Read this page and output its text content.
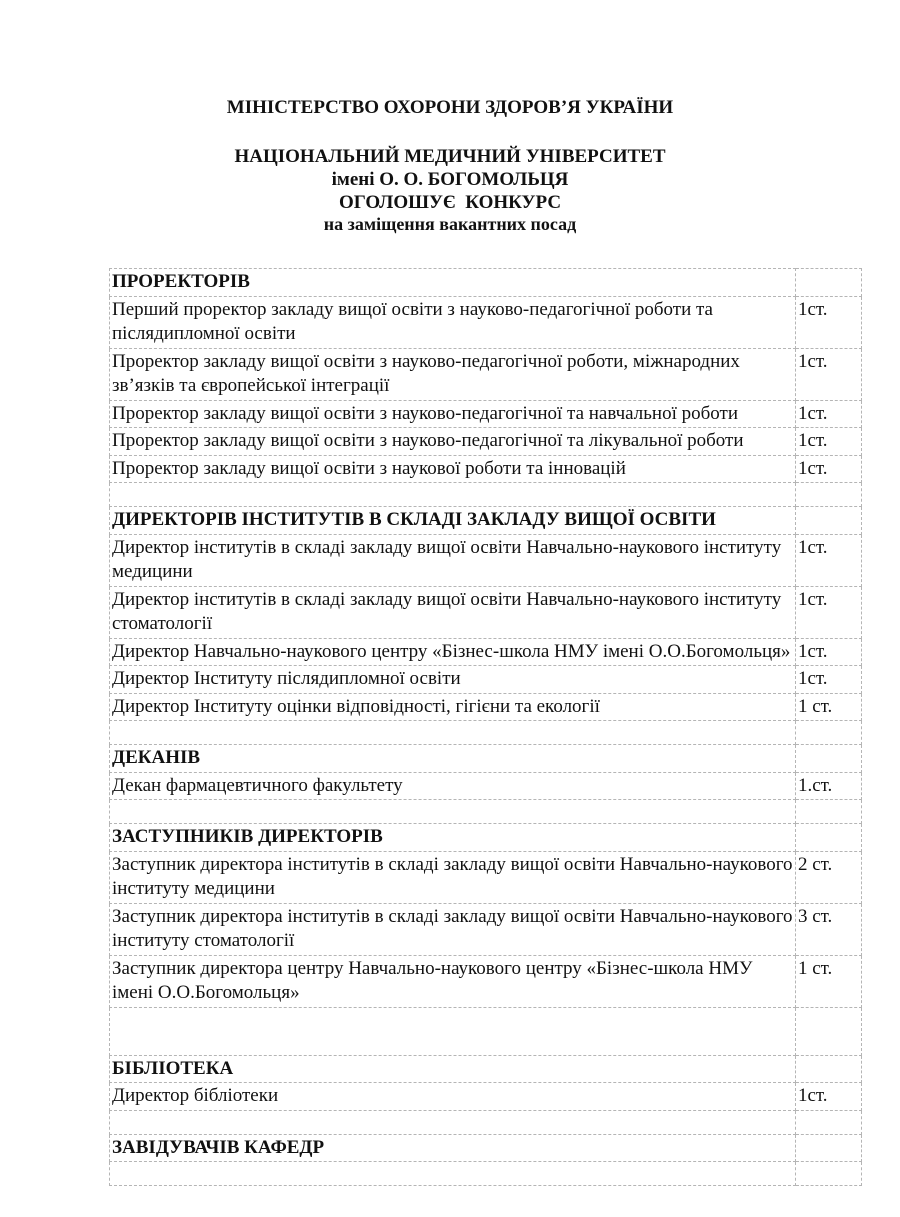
МІНІСТЕРСТВО ОХОРОНИ ЗДОРОВ’Я УКРАЇНИ
НАЦІОНАЛЬНИЙ МЕДИЧНИЙ УНІВЕРСИТЕТ
імені О. О. БОГОМОЛЬЦЯ
ОГОЛОШУЄ  КОНКУРС
на заміщення вакантних посад
ПРОРЕКТОРІВ	
Перший проректор закладу вищої освіти з науково-педагогічної роботи та післядипломної освіти	1ст.
Проректор закладу вищої освіти з науково-педагогічної роботи, міжнародних зв’язків та європейської інтеграції	1ст.
Проректор закладу вищої освіти з науково-педагогічної та навчальної роботи	1ст.
Проректор закладу вищої освіти з науково-педагогічної та лікувальної роботи	1ст.
Проректор закладу вищої освіти з наукової роботи та інновацій	1ст.

ДИРЕКТОРІВ ІНСТИТУТІВ В СКЛАДІ ЗАКЛАДУ ВИЩОЇ ОСВІТИ	
Директор інститутів в складі закладу вищої освіти Навчально-наукового інституту медицини	1ст.
Директор інститутів в складі закладу вищої освіти Навчально-наукового інституту стоматології	1ст.
Директор Навчально-наукового центру «Бізнес-школа НМУ імені О.О.Богомольця»	1ст.
Директор Інституту післядипломної освіти	1ст.
Директор Інституту оцінки відповідності, гігієни та екології	1 ст.

ДЕКАНІВ	
Декан фармацевтичного факультету	1.ст.

ЗАСТУПНИКІВ ДИРЕКТОРІВ	
Заступник директора інститутів в складі закладу вищої освіти Навчально-наукового інституту медицини	2 ст.
Заступник директора інститутів в складі закладу вищої освіти Навчально-наукового інституту стоматології	3 ст.
Заступник директора центру Навчально-наукового центру «Бізнес-школа НМУ імені О.О.Богомольця»	1 ст.

БІБЛІОТЕКА	
Директор бібліотеки	1ст.

ЗАВІДУВАЧІВ КАФЕДР	
